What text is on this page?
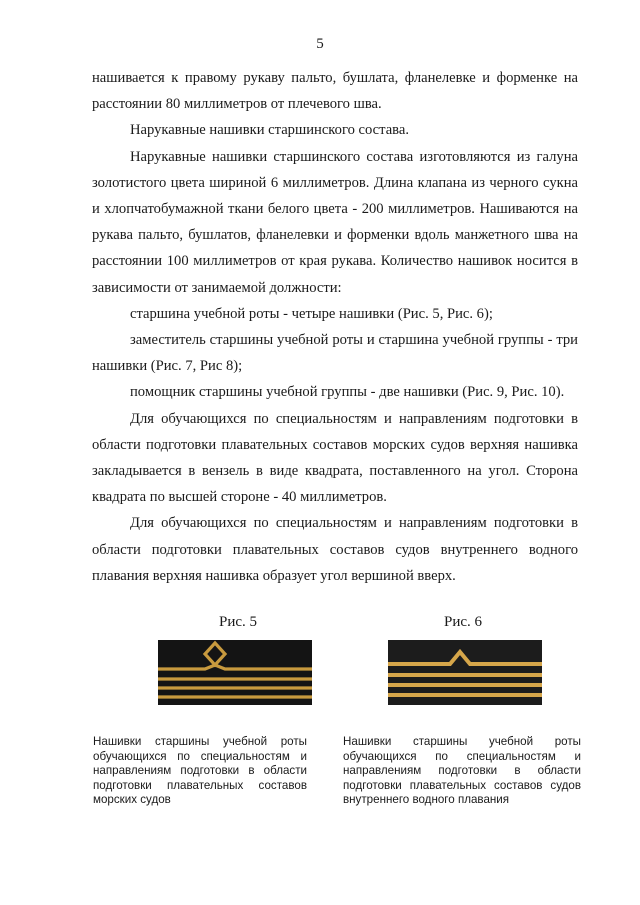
5

нашивается к правому рукаву пальто, бушлата, фланелевке и форменке на расстоянии 80 миллиметров от плечевого шва.

Нарукавные нашивки старшинского состава.

Нарукавные нашивки старшинского состава изготовляются из галуна золотистого цвета шириной 6 миллиметров. Длина клапана из черного сукна и хлопчатобумажной ткани белого цвета - 200 миллиметров. Нашиваются на рукава пальто, бушлатов, фланелевки и форменки вдоль манжетного шва на расстоянии 100 миллиметров от края рукава. Количество нашивок носится в зависимости от занимаемой должности:

старшина учебной роты - четыре нашивки (Рис. 5, Рис. 6);

заместитель старшины учебной роты и старшина учебной группы - три нашивки (Рис. 7, Рис 8);

помощник старшины учебной группы - две нашивки (Рис. 9, Рис. 10).

Для обучающихся по специальностям и направлениям подготовки в области подготовки плавательных составов морских судов верхняя нашивка закладывается в вензель в виде квадрата, поставленного на угол. Сторона квадрата по высшей стороне - 40 миллиметров.

Для обучающихся по специальностям и направлениям подготовки в области подготовки плавательных составов судов внутреннего водного плавания верхняя нашивка образует угол вершиной вверх.

Рис. 5
Нашивки старшины учебной роты обучающихся по специальностям и направлениям подготовки в области подготовки плавательных составов морских судов
Рис. 6
Нашивки старшины учебной роты обучающихся по специальностям и направлениям подготовки в области подготовки плавательных составов судов внутреннего водного плавания
